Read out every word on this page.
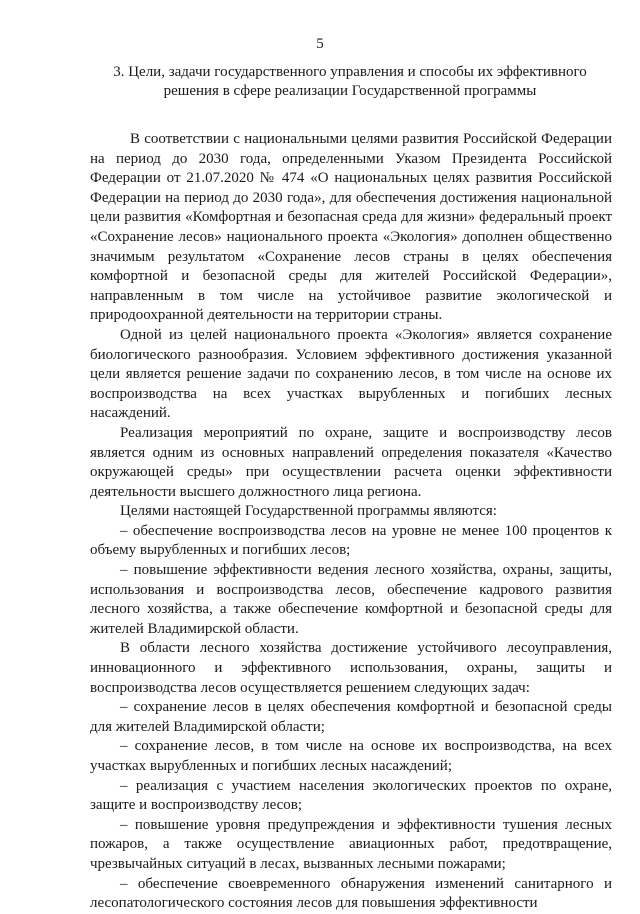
5
3. Цели, задачи государственного управления и способы их эффективного решения в сфере реализации Государственной программы

В соответствии с национальными целями развития Российской Федерации на период до 2030 года, определенными Указом Президента Российской Федерации от 21.07.2020 № 474 «О национальных целях развития Российской Федерации на период до 2030 года», для обеспечения достижения национальной цели развития «Комфортная и безопасная среда для жизни» федеральный проект «Сохранение лесов» национального проекта «Экология» дополнен общественно значимым результатом «Сохранение лесов страны в целях обеспечения комфортной и безопасной среды для жителей Российской Федерации», направленным в том числе на устойчивое развитие экологической и природоохранной деятельности на территории страны.

Одной из целей национального проекта «Экология» является сохранение биологического разнообразия. Условием эффективного достижения указанной цели является решение задачи по сохранению лесов, в том числе на основе их воспроизводства на всех участках вырубленных и погибших лесных насаждений.

Реализация мероприятий по охране, защите и воспроизводству лесов является одним из основных направлений определения показателя «Качество окружающей среды» при осуществлении расчета оценки эффективности деятельности высшего должностного лица региона.

Целями настоящей Государственной программы являются:

– обеспечение воспроизводства лесов на уровне не менее 100 процентов к объему вырубленных и погибших лесов;

– повышение эффективности ведения лесного хозяйства, охраны, защиты, использования и воспроизводства лесов, обеспечение кадрового развития лесного хозяйства, а также обеспечение комфортной и безопасной среды для жителей Владимирской области.

В области лесного хозяйства достижение устойчивого лесоуправления, инновационного и эффективного использования, охраны, защиты и воспроизводства лесов осуществляется решением следующих задач:

– сохранение лесов в целях обеспечения комфортной и безопасной среды для жителей Владимирской области;

– сохранение лесов, в том числе на основе их воспроизводства, на всех участках вырубленных и погибших лесных насаждений;

– реализация с участием населения экологических проектов по охране, защите и воспроизводству лесов;

– повышение уровня предупреждения и эффективности тушения лесных пожаров, а также осуществление авиационных работ, предотвращение, чрезвычайных ситуаций в лесах, вызванных лесными пожарами;

– обеспечение своевременного обнаружения изменений санитарного и лесопатологического состояния лесов для повышения эффективности
